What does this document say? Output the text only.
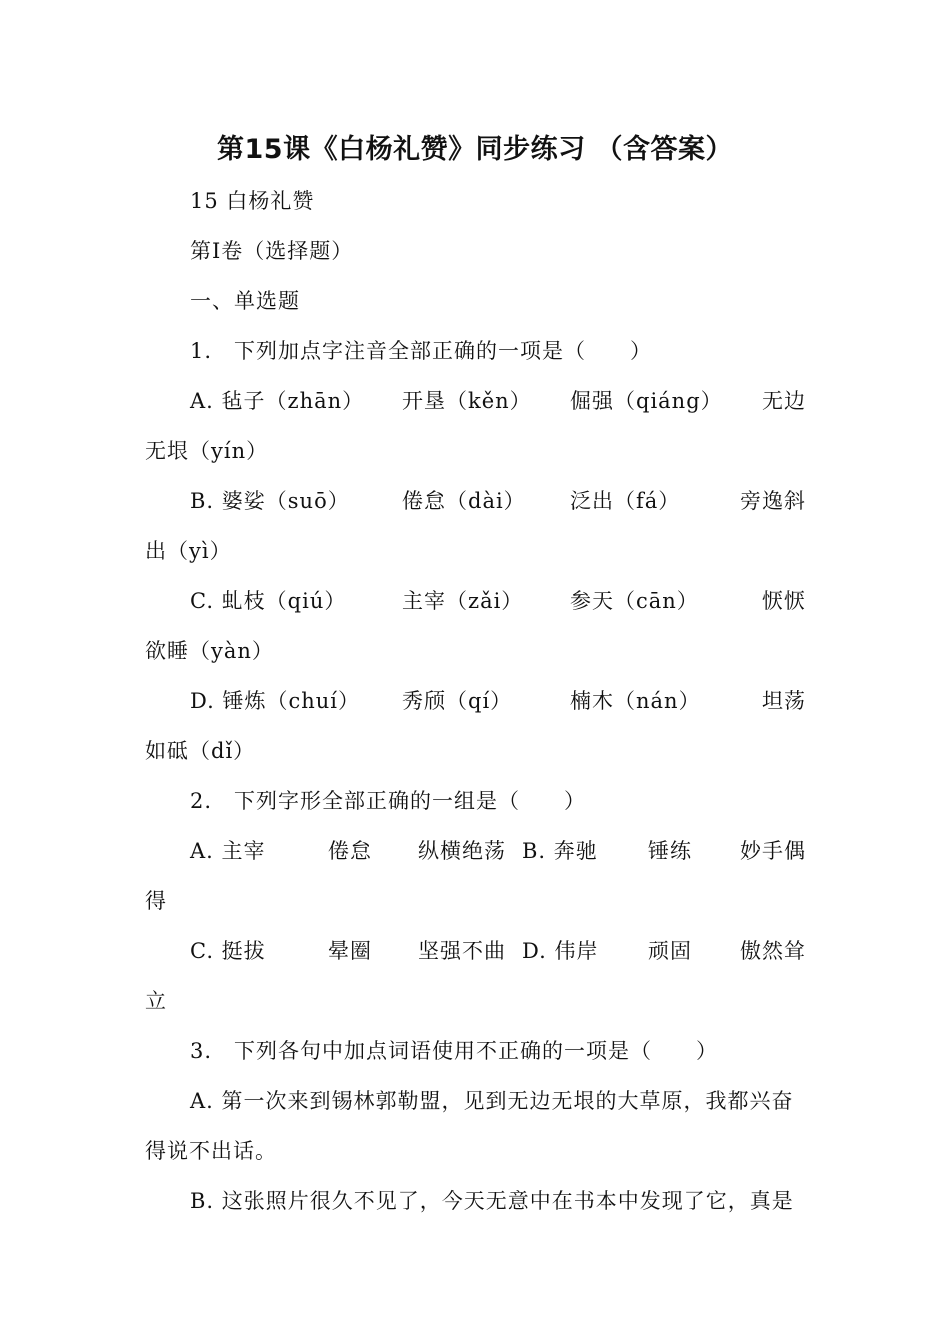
第15课《白杨礼赞》同步练习 （含答案）
15 白杨礼赞
第Ⅰ卷（选择题）
一、单选题
1.　下列加点字注音全部正确的一项是（　　）
A. 毡子（zhān） 开垦（kěn） 倔强（qiáng） 无边
无垠（yín）
B. 婆娑（suō） 倦怠（dài） 泛出（fá）	旁逸斜
出（yì）
C. 虬枝（qiú）	主宰（zǎi） 参天（cān）	恹恹
欲睡（yàn）
D. 锤炼（chuí） 秀颀（qí）	楠木（nán）	坦荡
如砥（dǐ）
2.　下列字形全部正确的一组是（　　）
A. 主宰	倦怠 纵横绝荡 B. 奔驰 锤练 妙手偶
得
C. 挺拔	晕圈 坚强不曲 D. 伟岸 顽固 傲然耸
立
3.　下列各句中加点词语使用不正确的一项是（　　）
A. 第一次来到锡林郭勒盟，见到无边无垠的大草原，我都兴奋
得说不出话。
B. 这张照片很久不见了，今天无意中在书本中发现了它，真是
